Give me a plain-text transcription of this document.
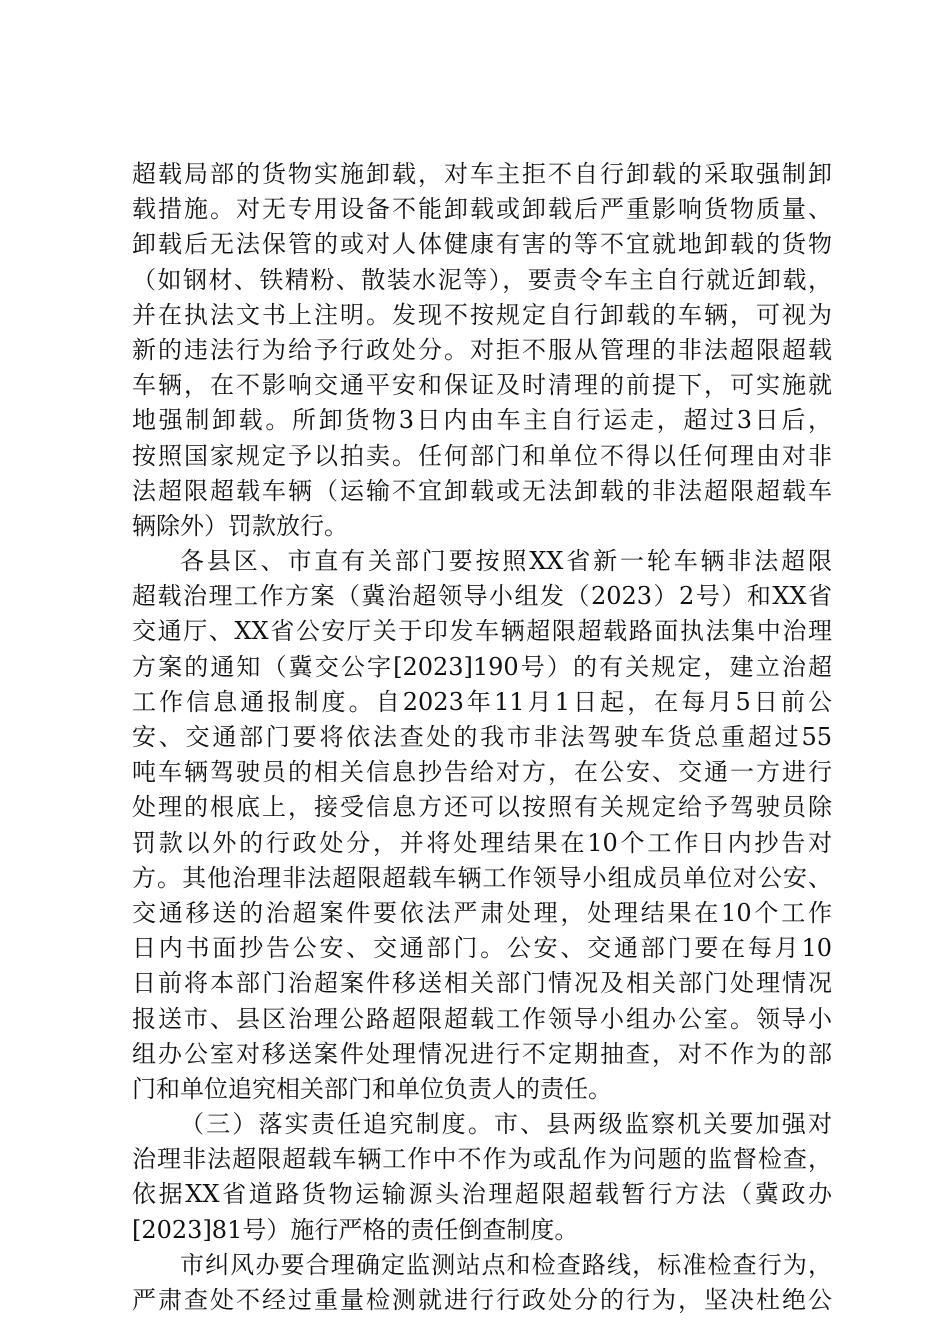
超载局部的货物实施卸载，对车主拒不自行卸载的采取强制卸
载措施。对无专用设备不能卸载或卸载后严重影响货物质量、
卸载后无法保管的或对人体健康有害的等不宜就地卸载的货物
（如钢材、铁精粉、散装水泥等），要责令车主自行就近卸载，
并在执法文书上注明。发现不按规定自行卸载的车辆，可视为
新的违法行为给予行政处分。对拒不服从管理的非法超限超载
车辆，在不影响交通平安和保证及时清理的前提下，可实施就
地强制卸载。所卸货物3日内由车主自行运走，超过3日后，
按照国家规定予以拍卖。任何部门和单位不得以任何理由对非
法超限超载车辆（运输不宜卸载或无法卸载的非法超限超载车
辆除外）罚款放行。
各县区、市直有关部门要按照XX省新一轮车辆非法超限
超载治理工作方案（冀治超领导小组发（2023）2号）和XX省
交通厅、XX省公安厅关于印发车辆超限超载路面执法集中治理
方案的通知（冀交公字[2023]190号）的有关规定，建立治超
工作信息通报制度。自2023年11月1日起，在每月5日前公
安、交通部门要将依法查处的我市非法驾驶车货总重超过55
吨车辆驾驶员的相关信息抄告给对方，在公安、交通一方进行
处理的根底上，接受信息方还可以按照有关规定给予驾驶员除
罚款以外的行政处分，并将处理结果在10个工作日内抄告对
方。其他治理非法超限超载车辆工作领导小组成员单位对公安、
交通移送的治超案件要依法严肃处理，处理结果在10个工作
日内书面抄告公安、交通部门。公安、交通部门要在每月10
日前将本部门治超案件移送相关部门情况及相关部门处理情况
报送市、县区治理公路超限超载工作领导小组办公室。领导小
组办公室对移送案件处理情况进行不定期抽查，对不作为的部
门和单位追究相关部门和单位负责人的责任。
（三）落实责任追究制度。市、县两级监察机关要加强对
治理非法超限超载车辆工作中不作为或乱作为问题的监督检查，
依据XX省道路货物运输源头治理超限超载暂行方法（冀政办
[2023]81号）施行严格的责任倒查制度。
市纠风办要合理确定监测站点和检查路线，标准检查行为，
严肃查处不经过重量检测就进行行政处分的行为，坚决杜绝公
